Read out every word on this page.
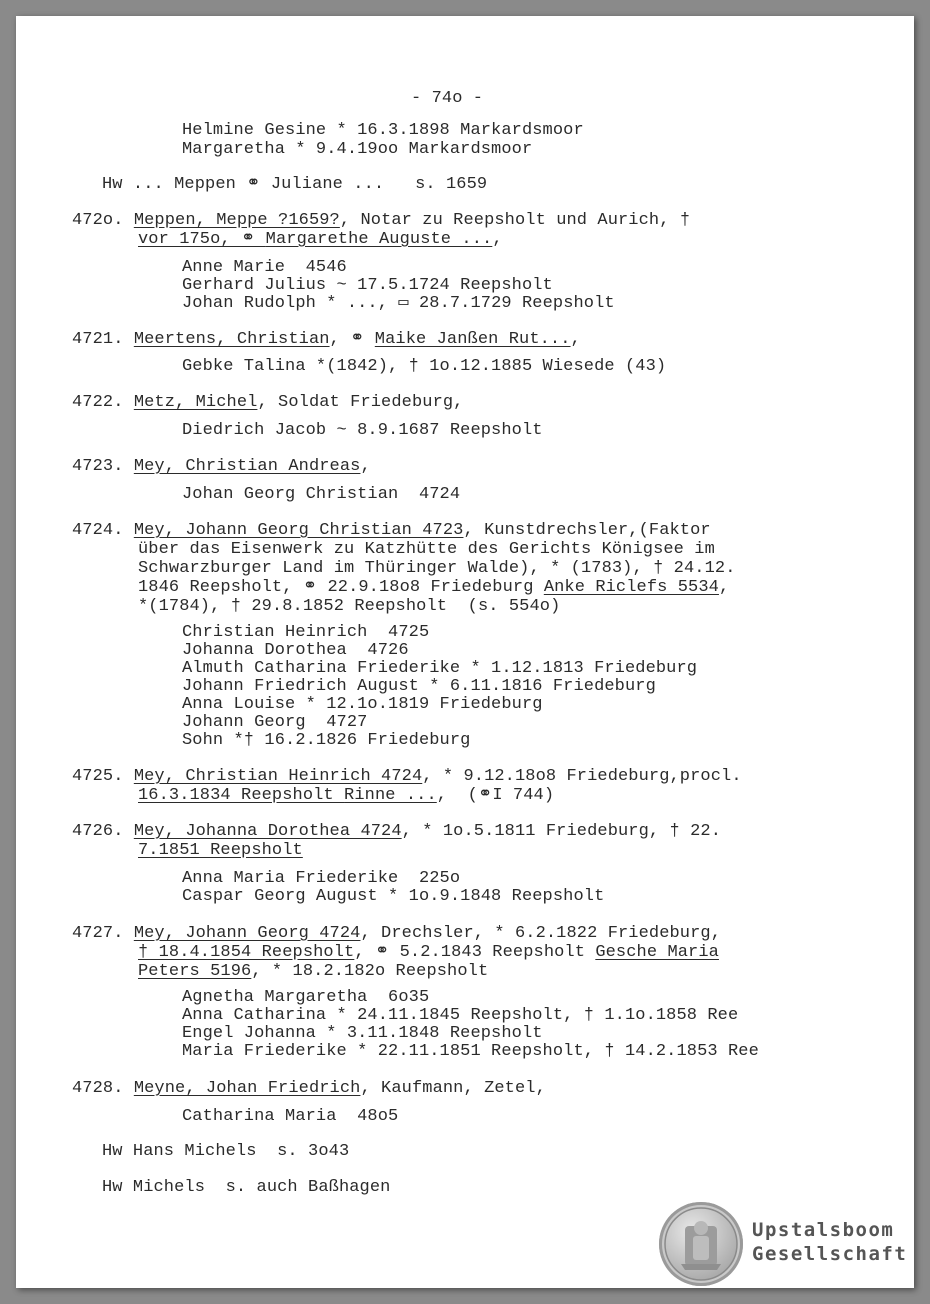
- 74o -
Helmine Gesine * 16.3.1898 Markardsmoor
Margaretha * 9.4.19oo Markardsmoor
Hw ... Meppen ⚭ Juliane ...   s. 1659
472o. Meppen, Meppe ?1659?, Notar zu Reepsholt und Aurich, †
vor 175o, ⚭ Margarethe Auguste ...,
Anne Marie  4546
Gerhard Julius ~ 17.5.1724 Reepsholt
Johan Rudolph * ..., ▭ 28.7.1729 Reepsholt
4721. Meertens, Christian, ⚭ Maike Janßen Rut...,
Gebke Talina *(1842), † 1o.12.1885 Wiesede (43)
4722. Metz, Michel, Soldat Friedeburg,
Diedrich Jacob ~ 8.9.1687 Reepsholt
4723. Mey, Christian Andreas,
Johan Georg Christian  4724
4724. Mey, Johann Georg Christian 4723, Kunstdrechsler,(Faktor
über das Eisenwerk zu Katzhütte des Gerichts Königsee im
Schwarzburger Land im Thüringer Walde), * (1783), † 24.12.
1846 Reepsholt, ⚭ 22.9.18o8 Friedeburg Anke Riclefs 5534,
*(1784), † 29.8.1852 Reepsholt  (s. 554o)
Christian Heinrich  4725
Johanna Dorothea  4726
Almuth Catharina Friederike * 1.12.1813 Friedeburg
Johann Friedrich August * 6.11.1816 Friedeburg
Anna Louise * 12.1o.1819 Friedeburg
Johann Georg  4727
Sohn *† 16.2.1826 Friedeburg
4725. Mey, Christian Heinrich 4724, * 9.12.18o8 Friedeburg,procl.
16.3.1834 Reepsholt Rinne ...,  (⚭I 744)
4726. Mey, Johanna Dorothea 4724, * 1o.5.1811 Friedeburg, † 22.
7.1851 Reepsholt
Anna Maria Friederike  225o
Caspar Georg August * 1o.9.1848 Reepsholt
4727. Mey, Johann Georg 4724, Drechsler, * 6.2.1822 Friedeburg,
† 18.4.1854 Reepsholt, ⚭ 5.2.1843 Reepsholt Gesche Maria
Peters 5196, * 18.2.182o Reepsholt
Agnetha Margaretha  6o35
Anna Catharina * 24.11.1845 Reepsholt, † 1.1o.1858 Ree
Engel Johanna * 3.11.1848 Reepsholt
Maria Friederike * 22.11.1851 Reepsholt, † 14.2.1853 Ree
4728. Meyne, Johan Friedrich, Kaufmann, Zetel,
Catharina Maria  48o5
Hw Hans Michels  s. 3o43
Hw Michels  s. auch Baßhagen
Upstalsboom
Gesellschaft
